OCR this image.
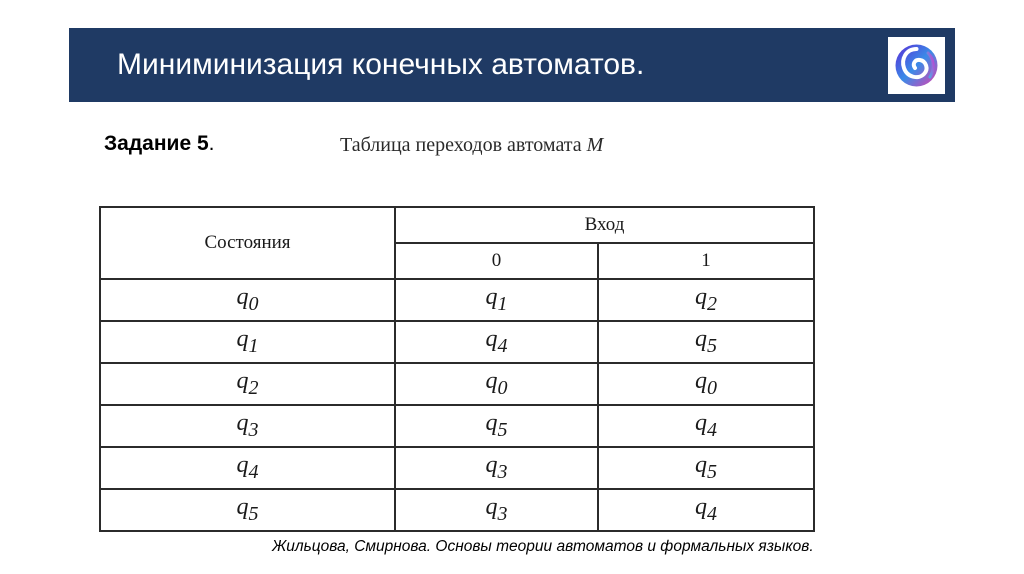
Миниминизация конечных автоматов.
Задание 5.	Таблица переходов автомата M
Состояния	Вход	
	0	1
$q_0$	$q_1$	$q_2$
$q_1$	$q_4$	$q_5$
$q_2$	$q_0$	$q_0$
$q_3$	$q_5$	$q_4$
$q_4$	$q_3$	$q_5$
$q_5$	$q_3$	$q_4$
Жильцова, Смирнова. Основы теории автоматов и формальных языков.
